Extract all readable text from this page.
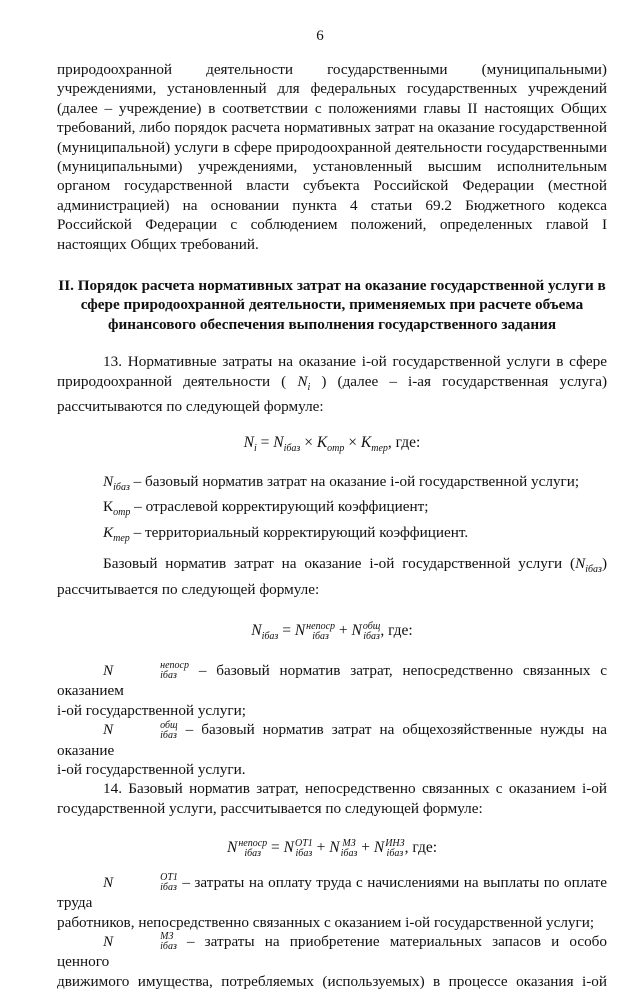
6
природоохранной деятельности государственными (муниципальными)
учреждениями, установленный для федеральных государственных учреждений
(далее – учреждение) в соответствии с положениями главы II настоящих Общих
требований, либо порядок расчета нормативных затрат на оказание государственной
(муниципальной) услуги в сфере природоохранной деятельности государственными
(муниципальными) учреждениями, установленный высшим исполнительным
органом государственной власти субъекта Российской Федерации (местной
администрацией) на основании пункта 4 статьи 69.2 Бюджетного кодекса
Российской Федерации с соблюдением положений, определенных главой I
настоящих Общих требований.
II. Порядок расчета нормативных затрат на оказание государственной услуги в
сфере природоохранной деятельности, применяемых при расчете объема
финансового обеспечения выполнения государственного задания
13. Нормативные затраты на оказание i-ой государственной услуги в сфере
природоохранной деятельности ( $N_i$ ) (далее – i-ая государственная услуга)
рассчитываются по следующей формуле:
$N_i = N_{iбаз} \times K_{отр} \times K_{тер}$, где:
$N_{iбаз}$ – базовый норматив затрат на оказание i-ой государственной услуги;
$К_{отр}$ – отраслевой корректирующий коэффициент;
$K_{тер}$ – территориальный корректирующий коэффициент.
Базовый норматив затрат на оказание i-ой государственной услуги $(N_{iбаз})$
рассчитывается по следующей формуле:
$N_{iбаз} = N$ непоср
iбаз + N общ
iбаз , где:
N	непоср
iбаз – базовый норматив затрат, непосредственно связанных с оказанием
i-ой государственной услуги;
N	общ
iбаз – базовый норматив затрат на общехозяйственные нужды на оказание
i-ой государственной услуги.
14. Базовый норматив затрат, непосредственно связанных с оказанием i-ой
государственной услуги, рассчитывается по следующей формуле:
N непоср
iбаз = N ОТ1
iбаз + N МЗ
iбаз + N ИНЗ
iбаз , где:
N	ОТ1
iбаз – затраты на оплату труда с начислениями на выплаты по оплате труда
работников, непосредственно связанных с оказанием i-ой государственной услуги;
N	МЗ
iбаз – затраты на приобретение материальных запасов и особо ценного
движимого имущества, потребляемых (используемых) в процессе оказания i-ой
